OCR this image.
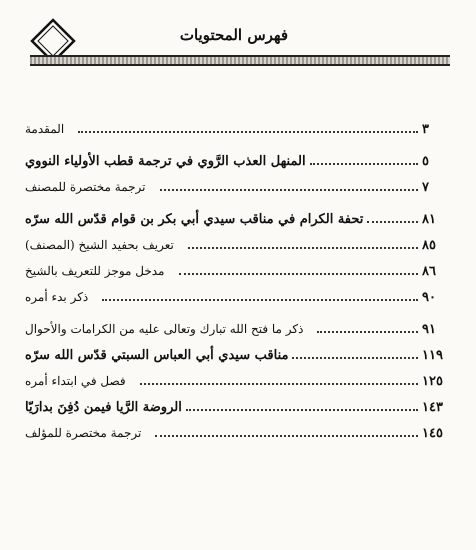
فهرس المحتويات
المقدمة	٣
المنهل العذب الرَّوي في ترجمة قطب الأولياء النووي	٥
ترجمة مختصرة للمصنف	٧
تحفة الكرام في مناقب سيدي أبي بكر بن قوام قدّس الله سرّه	٨١
تعريف بحفيد الشيخ (المصنف)	٨٥
مدخل موجز للتعريف بالشيخ	٨٦
ذكر بدء أمره	٩٠
ذكر ما فتح الله تبارك وتعالى عليه من الكرامات والأحوال	٩١
مناقب سيدي أبي العباس السبتي قدّس الله سرّه	١١٩
فصل في ابتداء أمره	١٢٥
الروضة الرَّيا فيمن دُفِنَ بدارَيّا	١٤٣
ترجمة مختصرة للمؤلف	١٤٥
